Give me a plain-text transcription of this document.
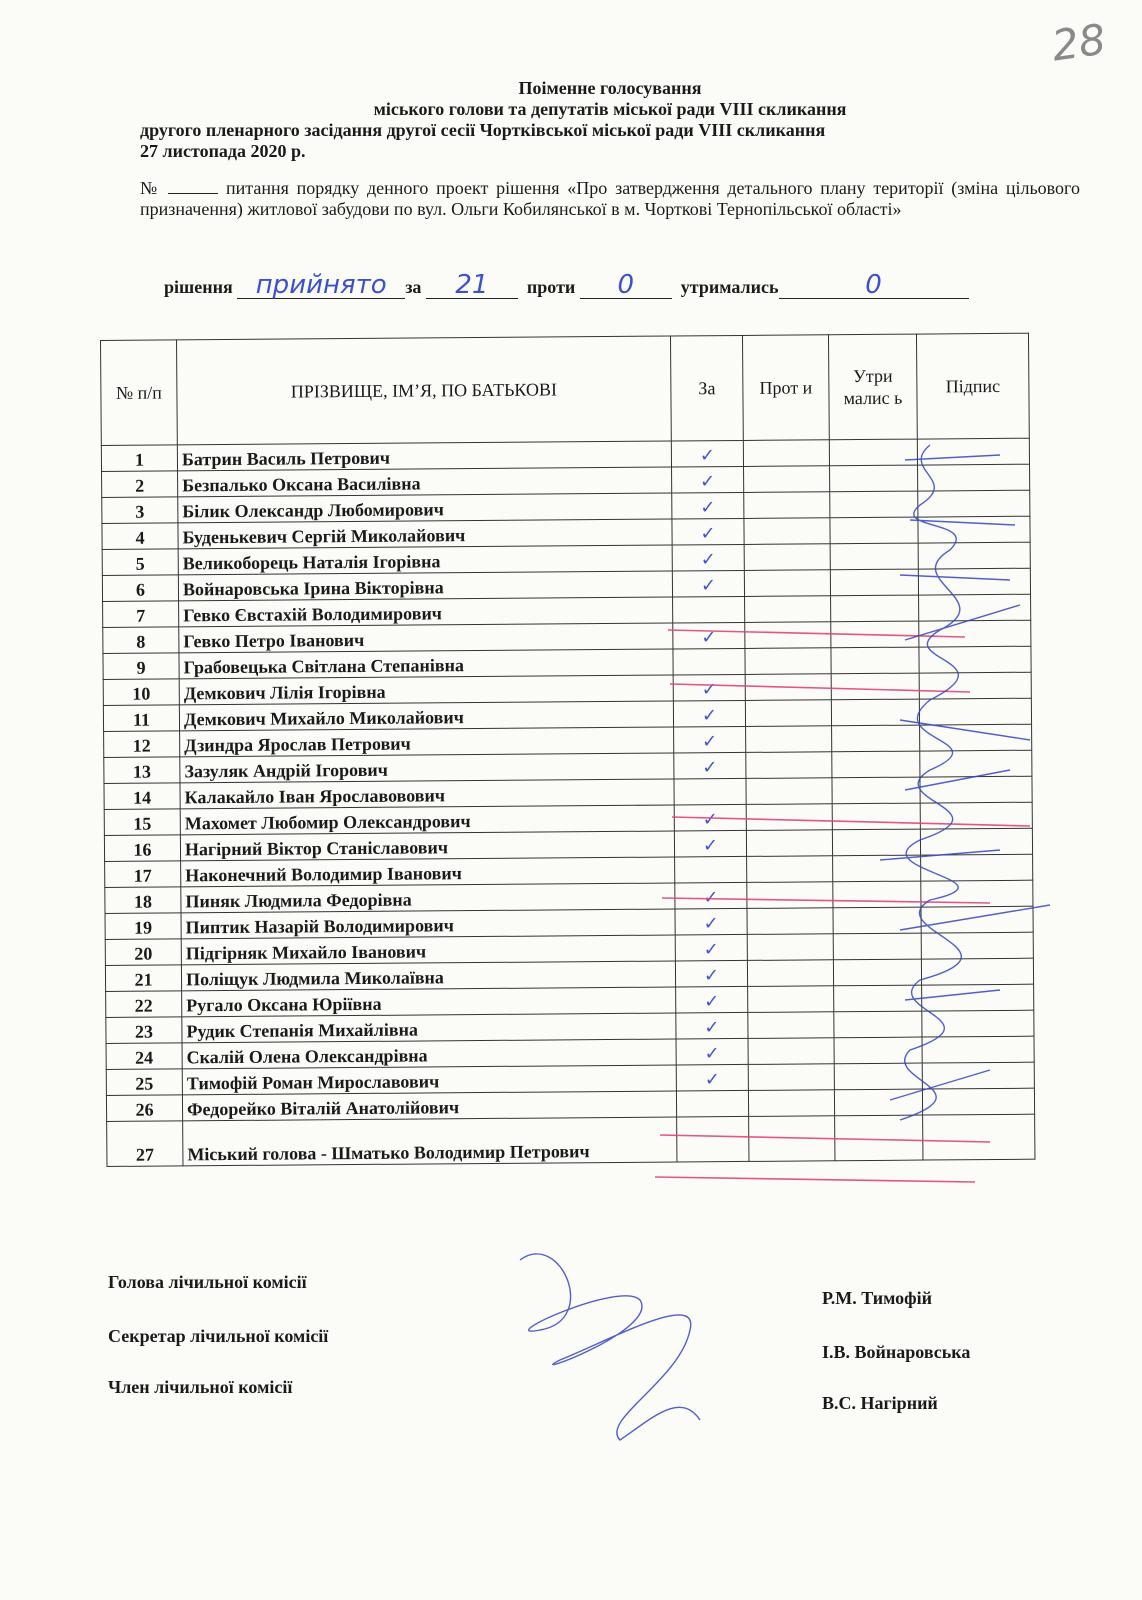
28
Поіменне голосування
міського голови та депутатів міської ради VIII скликання
другого пленарного засідання другої сесії Чортківської міської ради VIII скликання
27 листопада 2020 р.
№	питання порядку денного проект рішення «Про затвердження детального плану території (зміна цільового призначення) житлової забудови по вул. Ольги Кобилянської в м. Чорткові Тернопільської області»
рішення прийнято за 21 проти 0	утримались	0
№ п/п	ПРІЗВИЩЕ, ІМ’Я, ПО БАТЬКОВІ	За	Прот и	Утри малис ь	Підпис
1	Батрин Василь Петрович	✓			
2	Безпалько Оксана Василівна	✓			
3	Білик Олександр Любомирович	✓			
4	Буденькевич Сергій Миколайович	✓			
5	Великоборець Наталія Ігорівна	✓			
6	Войнаровська Ірина Вікторівна	✓			
7	Гевко Євстахій Володимирович				
8	Гевко Петро Іванович	✓			
9	Грабовецька Світлана Степанівна				
10	Демкович Лілія Ігорівна	✓			
11	Демкович Михайло Миколайович	✓			
12	Дзиндра Ярослав Петрович	✓			
13	Зазуляк Андрій Ігорович	✓			
14	Калакайло Іван Ярославовович				
15	Махомет Любомир Олександрович	✓			
16	Нагірний Віктор Станіславович	✓			
17	Наконечний Володимир Іванович				
18	Пиняк Людмила Федорівна	✓			
19	Пиптик Назарій Володимирович	✓			
20	Підгірняк Михайло Іванович	✓			
21	Поліщук Людмила Миколаївна	✓			
22	Ругало Оксана Юріївна	✓			
23	Рудик Степанія Михайлівна	✓			
24	Скалій Олена Олександрівна	✓			
25	Тимофій Роман Мирославович	✓			
26	Федорейко Віталій Анатолійович				
27	Міський голова - Шматько Володимир Петрович				
Голова лічильної комісії
Р.М. Тимофій
Секретар лічильної комісії
І.В. Войнаровська
Член лічильної комісії
В.С. Нагірний
